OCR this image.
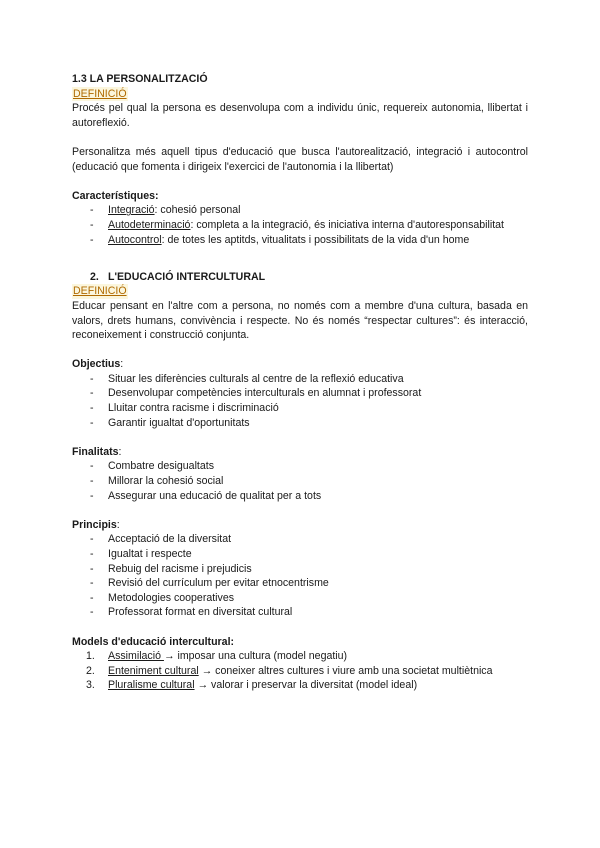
1.3 LA PERSONALITZACIÓ

DEFINICIÓ

Procés pel qual la persona es desenvolupa com a individu únic, requereix autonomia, llibertat i autoreflexió.

Personalitza més aquell tipus d'educació que busca l'autorealització, integració i autocontrol (educació que fomenta i dirigeix l'exercici de l'autonomia i la llibertat)

Característiques:

- Integració: cohesió personal
- Autodeterminació: completa a la integració, és iniciativa interna d'autoresponsabilitat
- Autocontrol: de totes les aptitds, vitualitats i possibilitats de la vida d'un home

2. L'EDUCACIÓ INTERCULTURAL

DEFINICIÓ

Educar pensant en l'altre com a persona, no només com a membre d'una cultura, basada en valors, drets humans, convivència i respecte. No és només “respectar cultures”: és interacció, reconeixement i construcció conjunta.

Objectius:

- Situar les diferències culturals al centre de la reflexió educativa
- Desenvolupar competències interculturals en alumnat i professorat
- Lluitar contra racisme i discriminació
- Garantir igualtat d'oportunitats

Finalitats:

- Combatre desigualtats
- Millorar la cohesió social
- Assegurar una educació de qualitat per a tots

Principis:

- Acceptació de la diversitat
- Igualtat i respecte
- Rebuig del racisme i prejudicis
- Revisió del currículum per evitar etnocentrisme
- Metodologies cooperatives
- Professorat format en diversitat cultural

Models d'educació intercultural:

1. Assimilació → imposar una cultura (model negatiu)
2. Enteniment cultural → coneixer altres cultures i viure amb una societat multiètnica
3. Pluralisme cultural → valorar i preservar la diversitat (model ideal)
